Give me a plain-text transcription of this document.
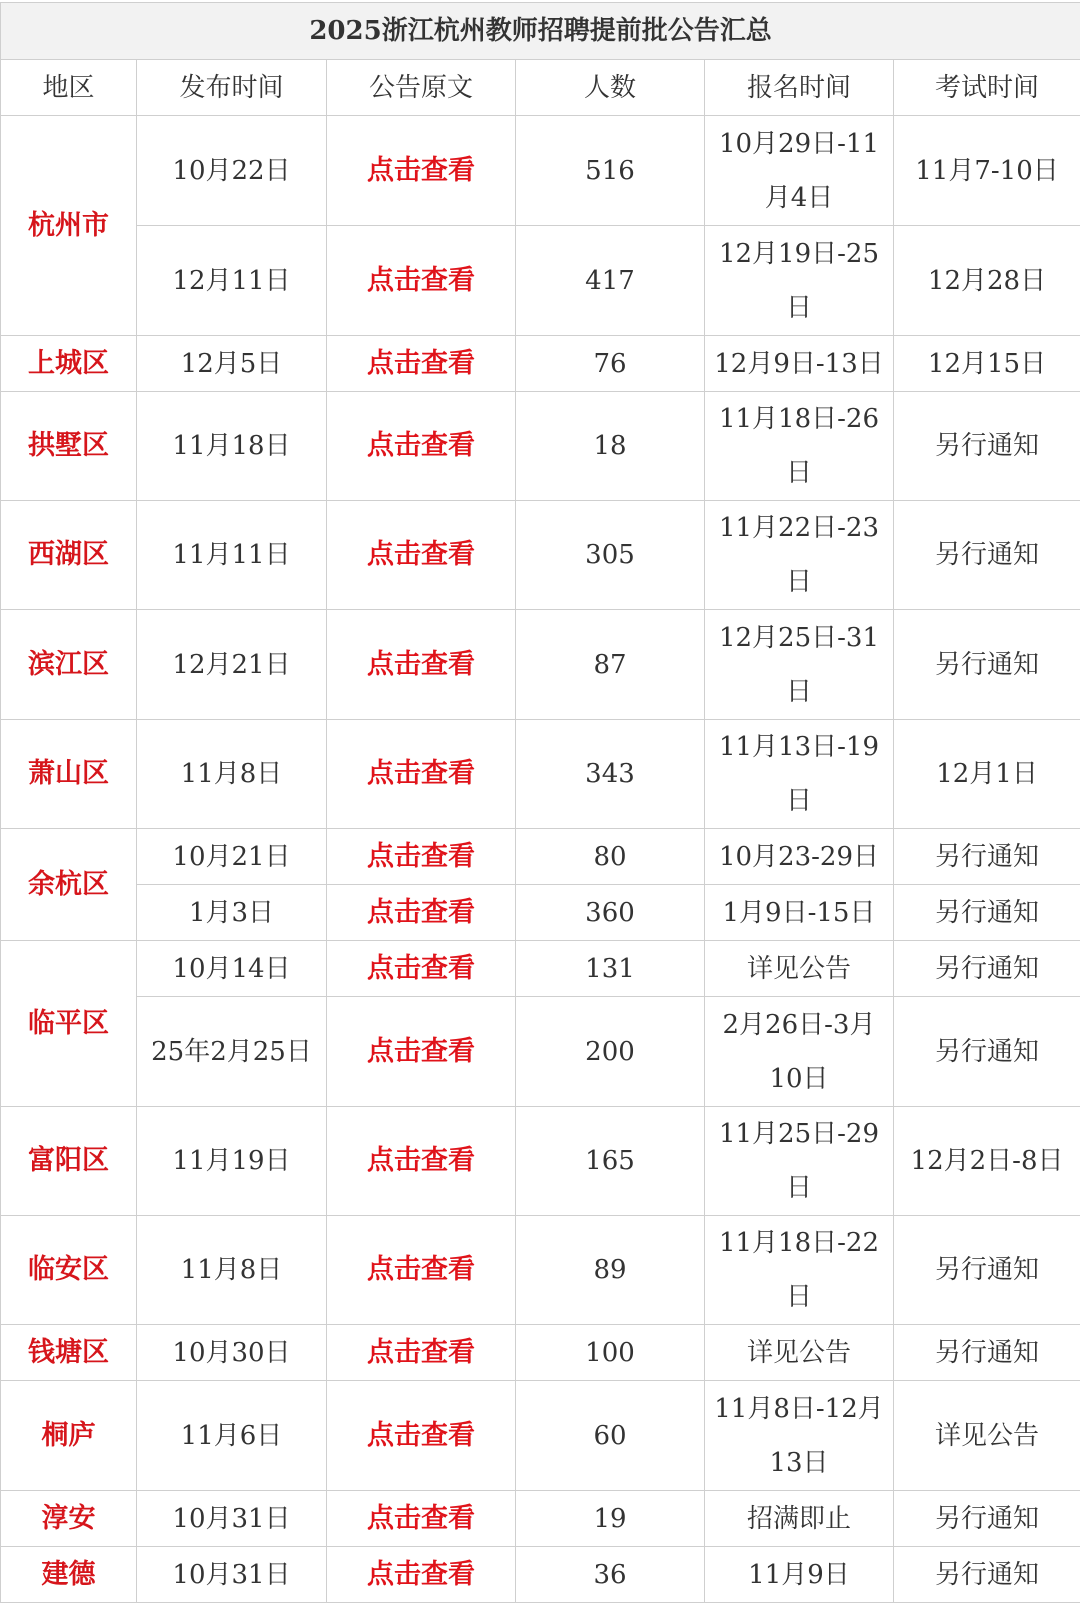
2025浙江杭州教师招聘提前批公告汇总					
地区	发布时间	公告原文	人数	报名时间	考试时间
杭州市	10月22日	点击查看	516	10月29日-11月4日	11月7-10日
	12月11日	点击查看	417	12月19日-25日	12月28日
上城区	12月5日	点击查看	76	12月9日-13日	12月15日
拱墅区	11月18日	点击查看	18	11月18日-26日	另行通知
西湖区	11月11日	点击查看	305	11月22日-23日	另行通知
滨江区	12月21日	点击查看	87	12月25日-31日	另行通知
萧山区	11月8日	点击查看	343	11月13日-19日	12月1日
余杭区	10月21日	点击查看	80	10月23-29日	另行通知
	1月3日	点击查看	360	1月9日-15日	另行通知
临平区	10月14日	点击查看	131	详见公告	另行通知
	25年2月25日	点击查看	200	2月26日-3月10日	另行通知
富阳区	11月19日	点击查看	165	11月25日-29日	12月2日-8日
临安区	11月8日	点击查看	89	11月18日-22日	另行通知
钱塘区	10月30日	点击查看	100	详见公告	另行通知
桐庐	11月6日	点击查看	60	11月8日-12月13日	详见公告
淳安	10月31日	点击查看	19	招满即止	另行通知
建德	10月31日	点击查看	36	11月9日	另行通知
